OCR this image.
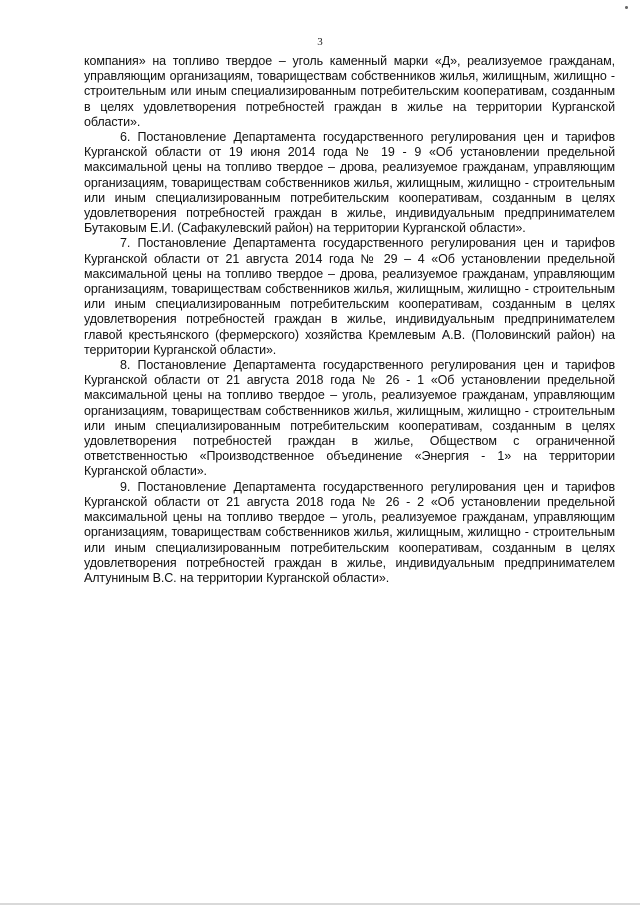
3

компания» на топливо твердое – уголь каменный марки «Д», реализуемое гражданам, управляющим организациям, товариществам собственников жилья, жилищным, жилищно - строительным или иным специализированным потребительским кооперативам, созданным в целях удовлетворения потребностей граждан в жилье на территории Курганской области».

6. Постановление Департамента государственного регулирования цен и тарифов Курганской области от 19 июня 2014 года № 19 - 9 «Об установлении предельной максимальной цены на топливо твердое – дрова, реализуемое гражданам, управляющим организациям, товариществам собственников жилья, жилищным, жилищно - строительным или иным специализированным потребительским кооперативам, созданным в целях удовлетворения потребностей граждан в жилье, индивидуальным предпринимателем Бутаковым Е.И. (Сафакулевский район) на территории Курганской области».

7. Постановление Департамента государственного регулирования цен и тарифов Курганской области от 21 августа 2014 года № 29 – 4 «Об установлении предельной максимальной цены на топливо твердое – дрова, реализуемое гражданам, управляющим организациям, товариществам собственников жилья, жилищным, жилищно - строительным или иным специализированным потребительским кооперативам, созданным в целях удовлетворения потребностей граждан в жилье, индивидуальным предпринимателем главой крестьянского (фермерского) хозяйства Кремлевым А.В. (Половинский район) на территории Курганской области».

8. Постановление Департамента государственного регулирования цен и тарифов Курганской области от 21 августа 2018 года № 26 - 1 «Об установлении предельной максимальной цены на топливо твердое – уголь, реализуемое гражданам, управляющим организациям, товариществам собственников жилья, жилищным, жилищно - строительным или иным специализированным потребительским кооперативам, созданным в целях удовлетворения потребностей граждан в жилье, Обществом с ограниченной ответственностью «Производственное объединение «Энергия - 1» на территории Курганской области».

9. Постановление Департамента государственного регулирования цен и тарифов Курганской области от 21 августа 2018 года № 26 - 2 «Об установлении предельной максимальной цены на топливо твердое – уголь, реализуемое гражданам, управляющим организациям, товариществам собственников жилья, жилищным, жилищно - строительным или иным специализированным потребительским кооперативам, созданным в целях удовлетворения потребностей граждан в жилье, индивидуальным предпринимателем Алтуниным В.С. на территории Курганской области».
